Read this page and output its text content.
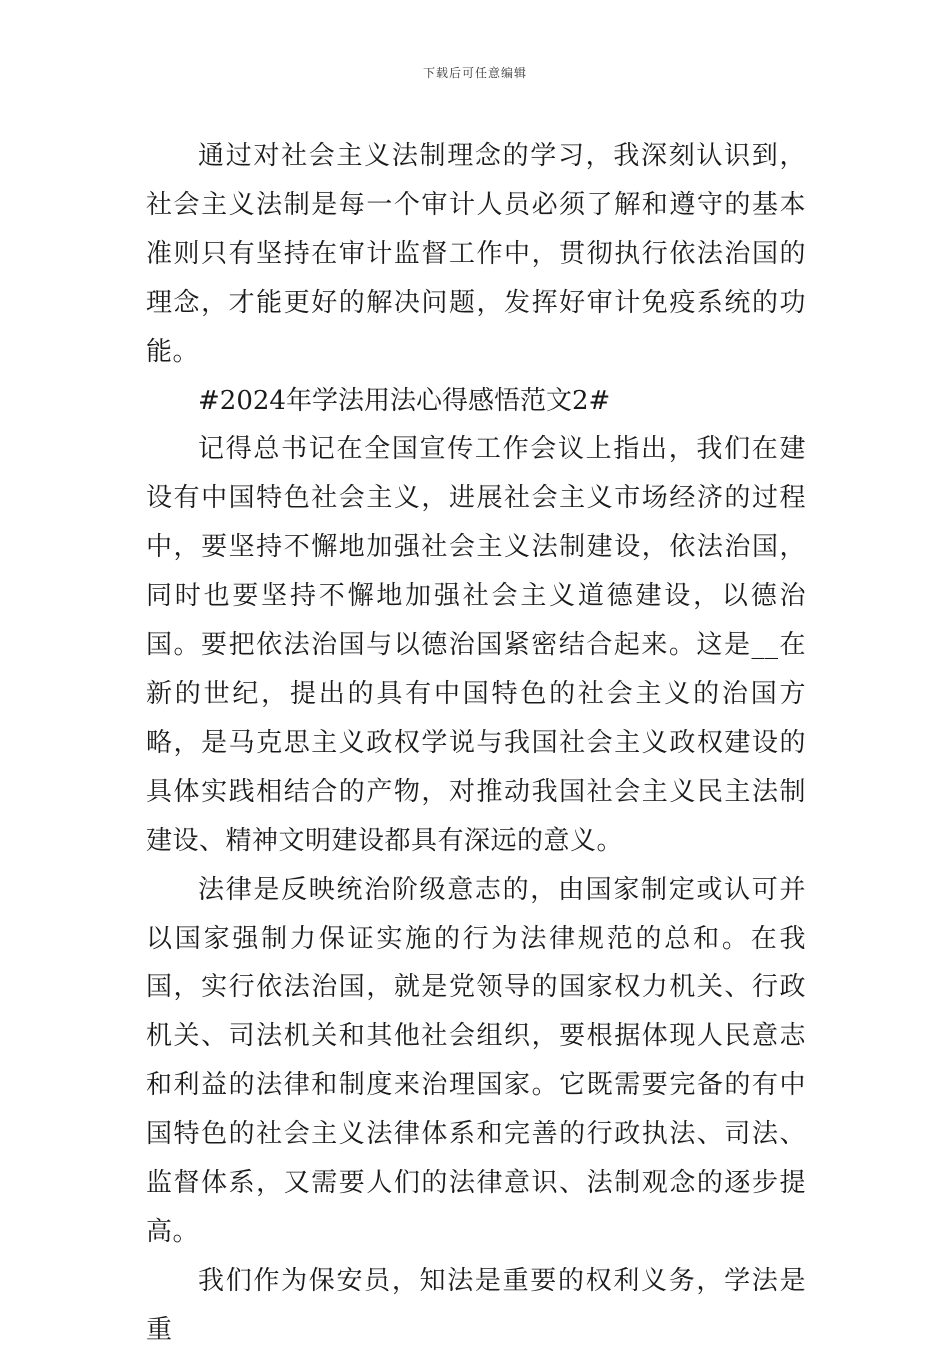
下载后可任意编辑

通过对社会主义法制理念的学习，我深刻认识到，社会主义法制是每一个审计人员必须了解和遵守的基本准则只有坚持在审计监督工作中，贯彻执行依法治国的理念，才能更好的解决问题，发挥好审计免疫系统的功能。

#2024年学法用法心得感悟范文2#

记得总书记在全国宣传工作会议上指出，我们在建设有中国特色社会主义，进展社会主义市场经济的过程中，要坚持不懈地加强社会主义法制建设，依法治国，同时也要坚持不懈地加强社会主义道德建设，以德治国。要把依法治国与以德治国紧密结合起来。这是__在新的世纪，提出的具有中国特色的社会主义的治国方略，是马克思主义政权学说与我国社会主义政权建设的具体实践相结合的产物，对推动我国社会主义民主法制建设、精神文明建设都具有深远的意义。

法律是反映统治阶级意志的，由国家制定或认可并以国家强制力保证实施的行为法律规范的总和。在我国，实行依法治国，就是党领导的国家权力机关、行政机关、司法机关和其他社会组织，要根据体现人民意志和利益的法律和制度来治理国家。它既需要完备的有中国特色的社会主义法律体系和完善的行政执法、司法、监督体系，又需要人们的法律意识、法制观念的逐步提高。

我们作为保安员，知法是重要的权利义务，学法是重
